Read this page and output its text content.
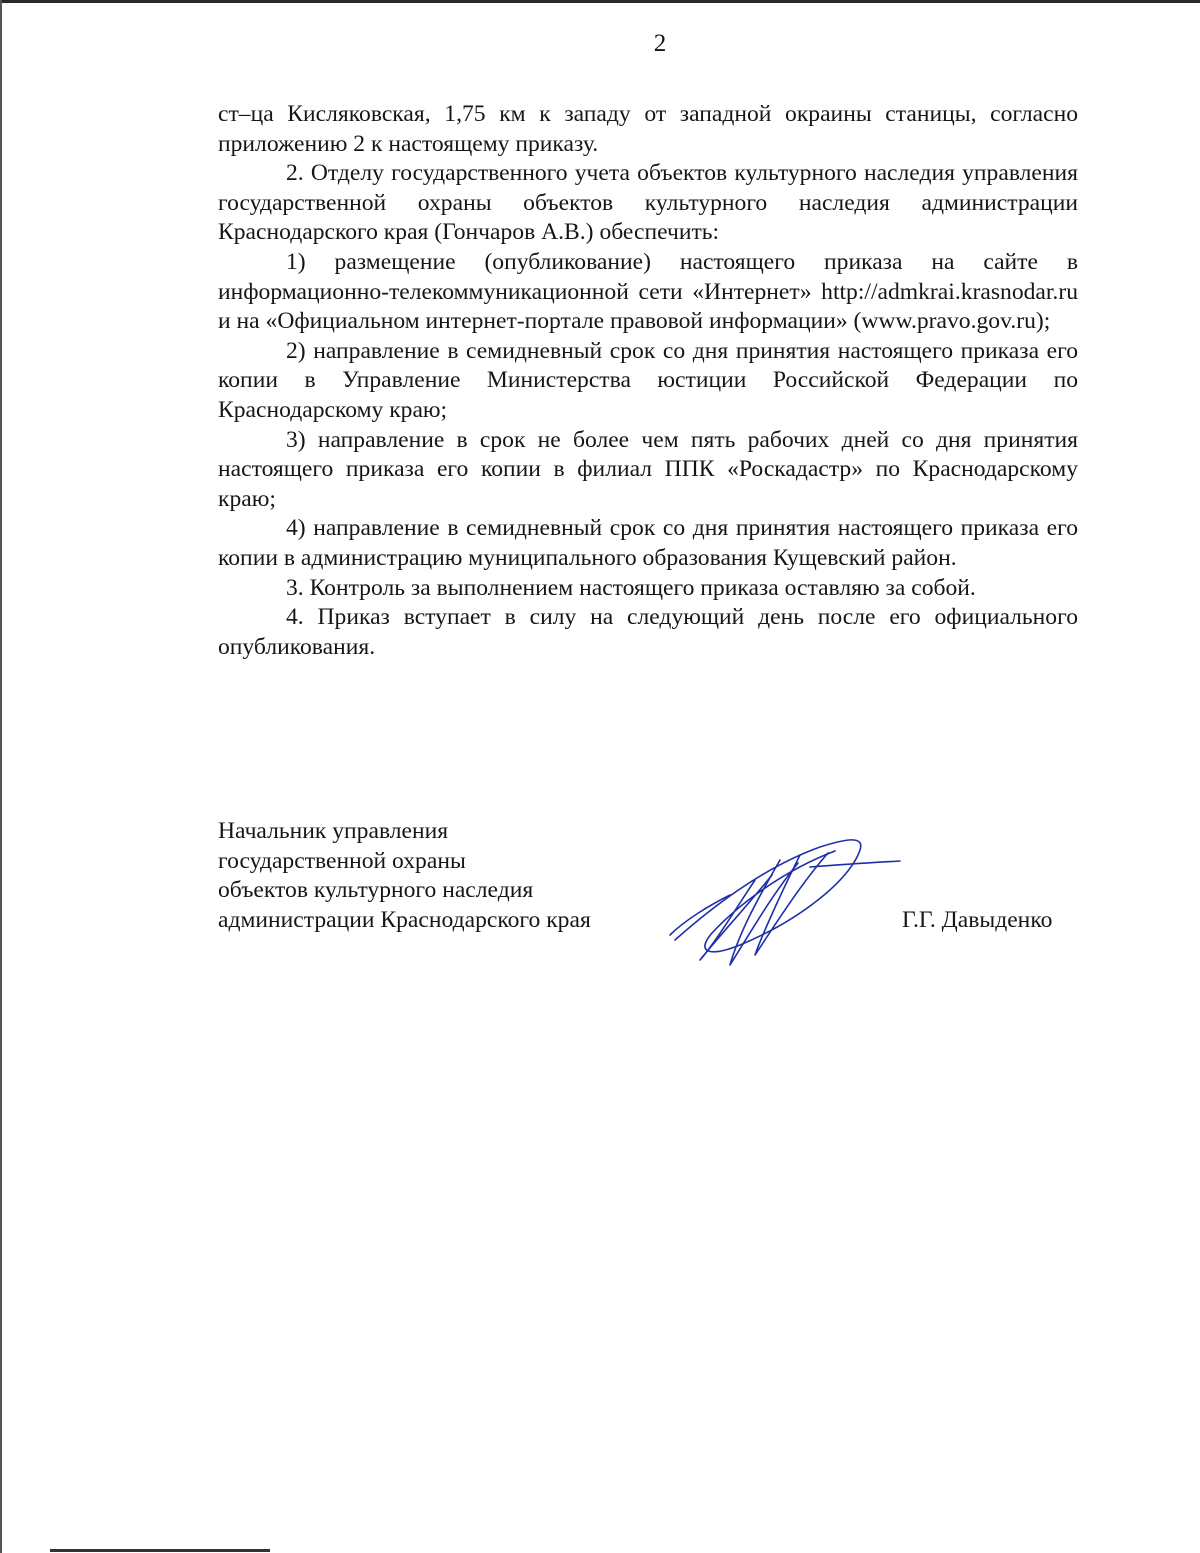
2

ст–ца Кисляковская, 1,75 км к западу от западной окраины станицы, согласно приложению 2 к настоящему приказу.

2. Отделу государственного учета объектов культурного наследия управления государственной охраны объектов культурного наследия администрации Краснодарского края (Гончаров А.В.) обеспечить:

1) размещение (опубликование) настоящего приказа на сайте в информационно-телекоммуникационной сети «Интернет» http://admkrai.krasnodar.ru и на «Официальном интернет-портале правовой информации» (www.pravo.gov.ru);

2) направление в семидневный срок со дня принятия настоящего приказа его копии в Управление Министерства юстиции Российской Федерации по Краснодарскому краю;

3) направление в срок не более чем пять рабочих дней со дня принятия настоящего приказа его копии в филиал ППК «Роскадастр» по Краснодарскому краю;

4) направление в семидневный срок со дня принятия настоящего приказа его копии в администрацию муниципального образования Кущевский район.

3. Контроль за выполнением настоящего приказа оставляю за собой.

4. Приказ вступает в силу на следующий день после его официального опубликования.

Начальник управления
государственной охраны
объектов культурного наследия
администрации Краснодарского края	Г.Г. Давыденко
